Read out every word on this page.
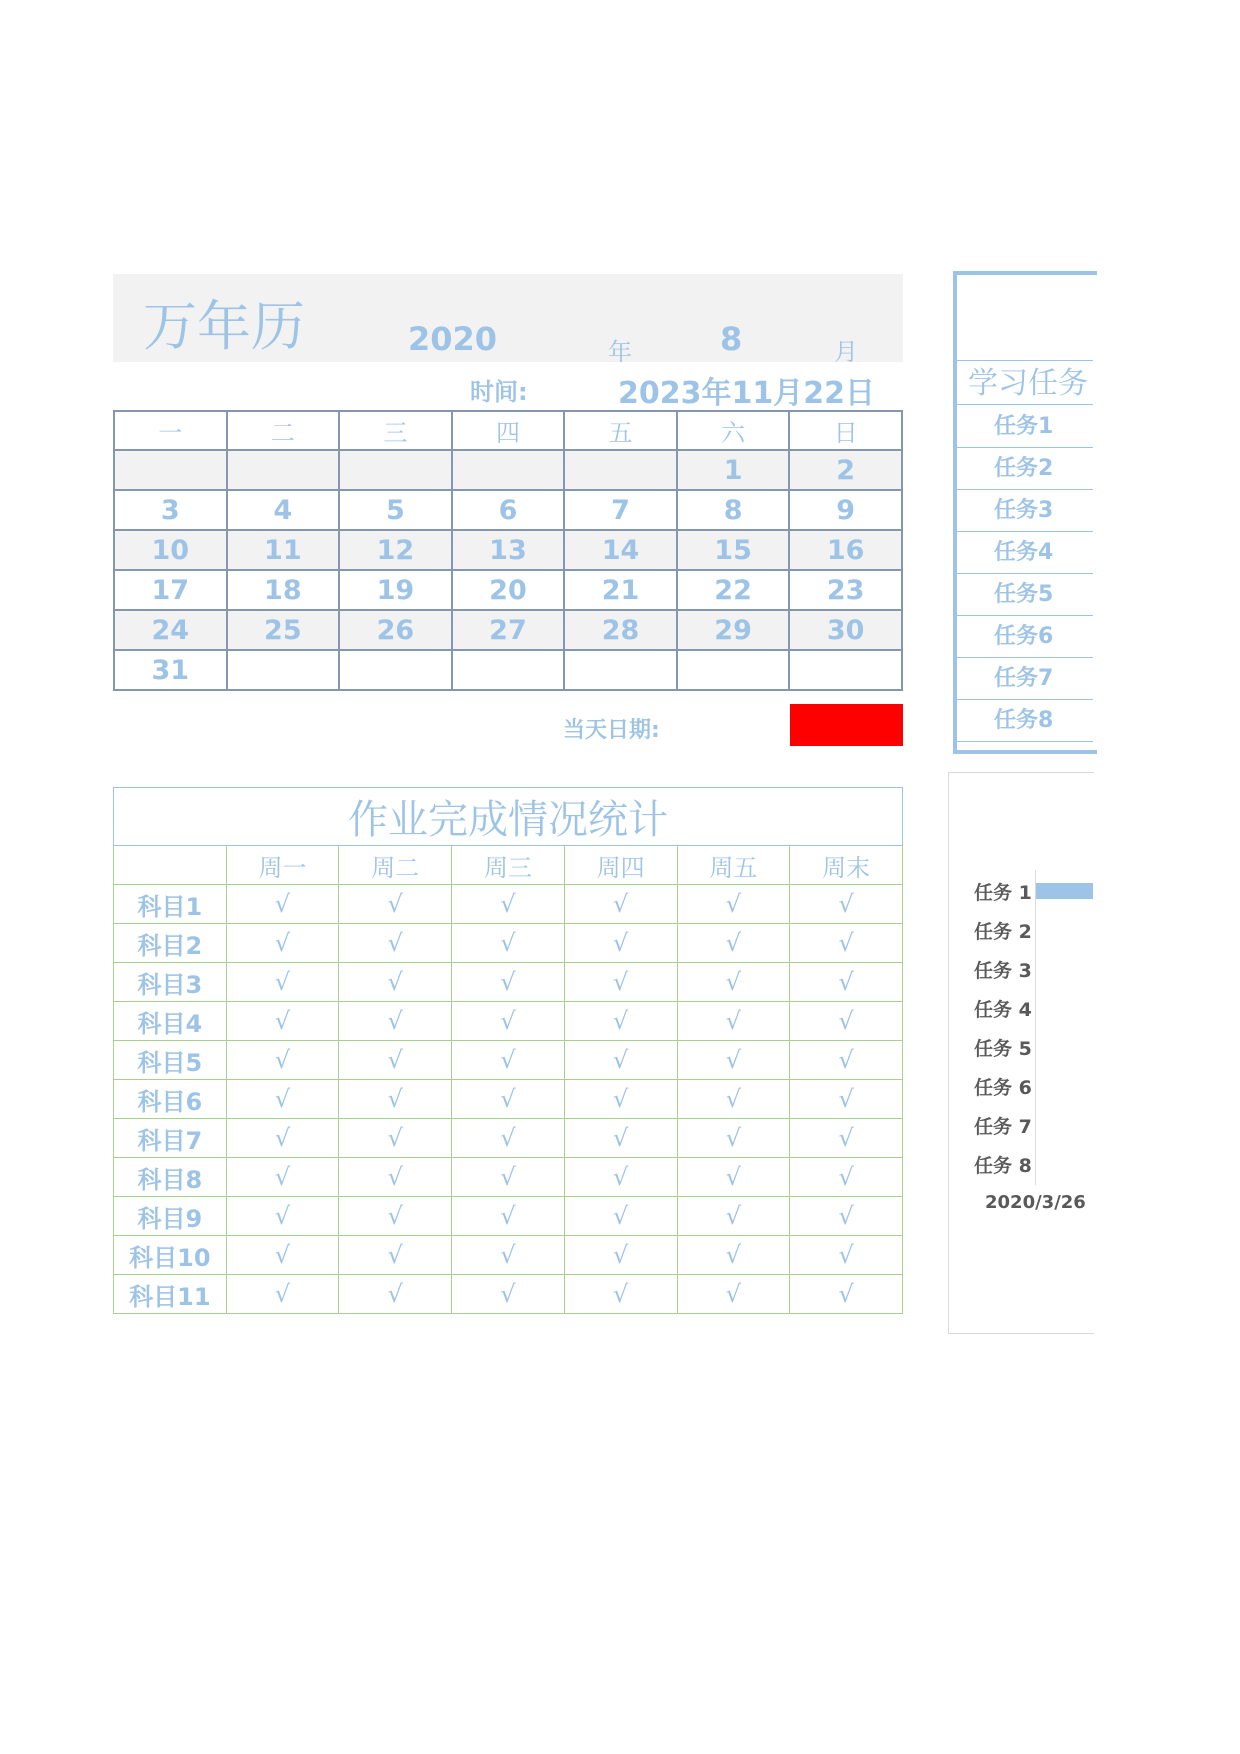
万年历	2020	年	8	月
时间:	2023年11月22日
一	二	三	四	五	六	日
					1	2
3	4	5	6	7	8	9
10	11	12	13	14	15	16
17	18	19	20	21	22	23
24	25	26	27	28	29	30
31						
当天日期:
作业完成情况统计						
	周一	周二	周三	周四	周五	周末
科目1	√	√	√	√	√	√
科目2	√	√	√	√	√	√
科目3	√	√	√	√	√	√
科目4	√	√	√	√	√	√
科目5	√	√	√	√	√	√
科目6	√	√	√	√	√	√
科目7	√	√	√	√	√	√
科目8	√	√	√	√	√	√
科目9	√	√	√	√	√	√
科目10	√	√	√	√	√	√
科目11	√	√	√	√	√	√
学习任务
任务1
任务2
任务3
任务4
任务5
任务6
任务7
任务8
任务 1
任务 2
任务 3
任务 4
任务 5
任务 6
任务 7
任务 8
2020/3/26
